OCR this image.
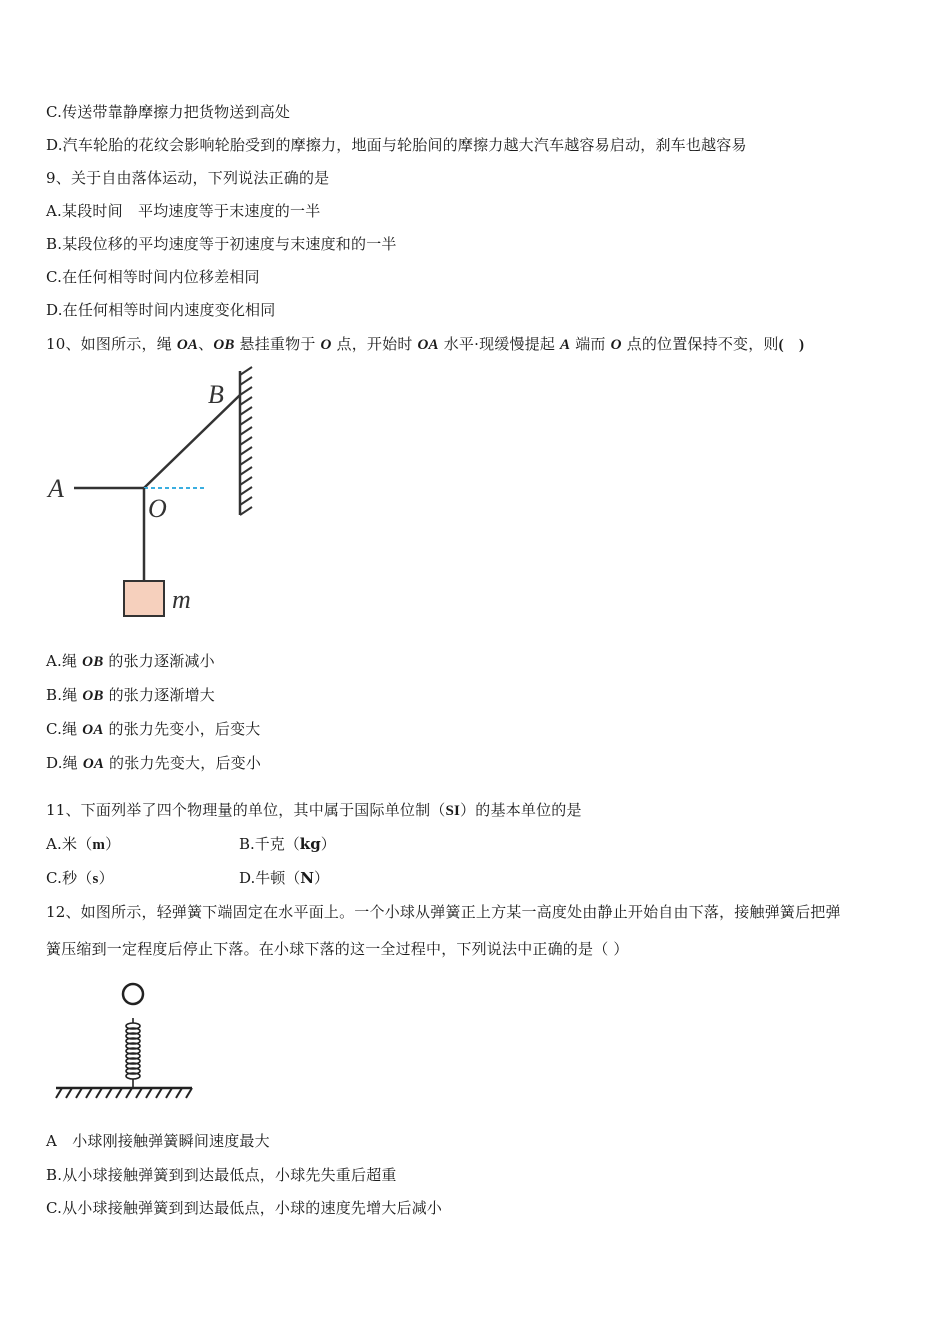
C.传送带靠静摩擦力把货物送到高处
D.汽车轮胎的花纹会影响轮胎受到的摩擦力，地面与轮胎间的摩擦力越大汽车越容易启动，刹车也越容易
9、关于自由落体运动，下列说法正确的是
A.某段时间　平均速度等于末速度的一半
B.某段位移的平均速度等于初速度与末速度和的一半
C.在任何相等时间内位移差相同
D.在任何相等时间内速度变化相同
10、如图所示，绳 OA、OB 悬挂重物于 O 点，开始时 OA 水平·现缓慢提起 A 端而 O 点的位置保持不变，则(　)
A
B
O
m
A.绳 OB 的张力逐渐减小
B.绳 OB 的张力逐渐增大
C.绳 OA 的张力先变小，后变大
D.绳 OA 的张力先变大，后变小
11、下面列举了四个物理量的单位，其中属于国际单位制（SI）的基本单位的是
A.米（m）	B.千克（kg）
C.秒（s）	D.牛顿（N）
12、如图所示，轻弹簧下端固定在水平面上。一个小球从弹簧正上方某一高度处由静止开始自由下落，接触弹簧后把弹
簧压缩到一定程度后停止下落。在小球下落的这一全过程中，下列说法中正确的是（ ）
A　小球刚接触弹簧瞬间速度最大
B.从小球接触弹簧到到达最低点，小球先失重后超重
C.从小球接触弹簧到到达最低点，小球的速度先增大后减小
